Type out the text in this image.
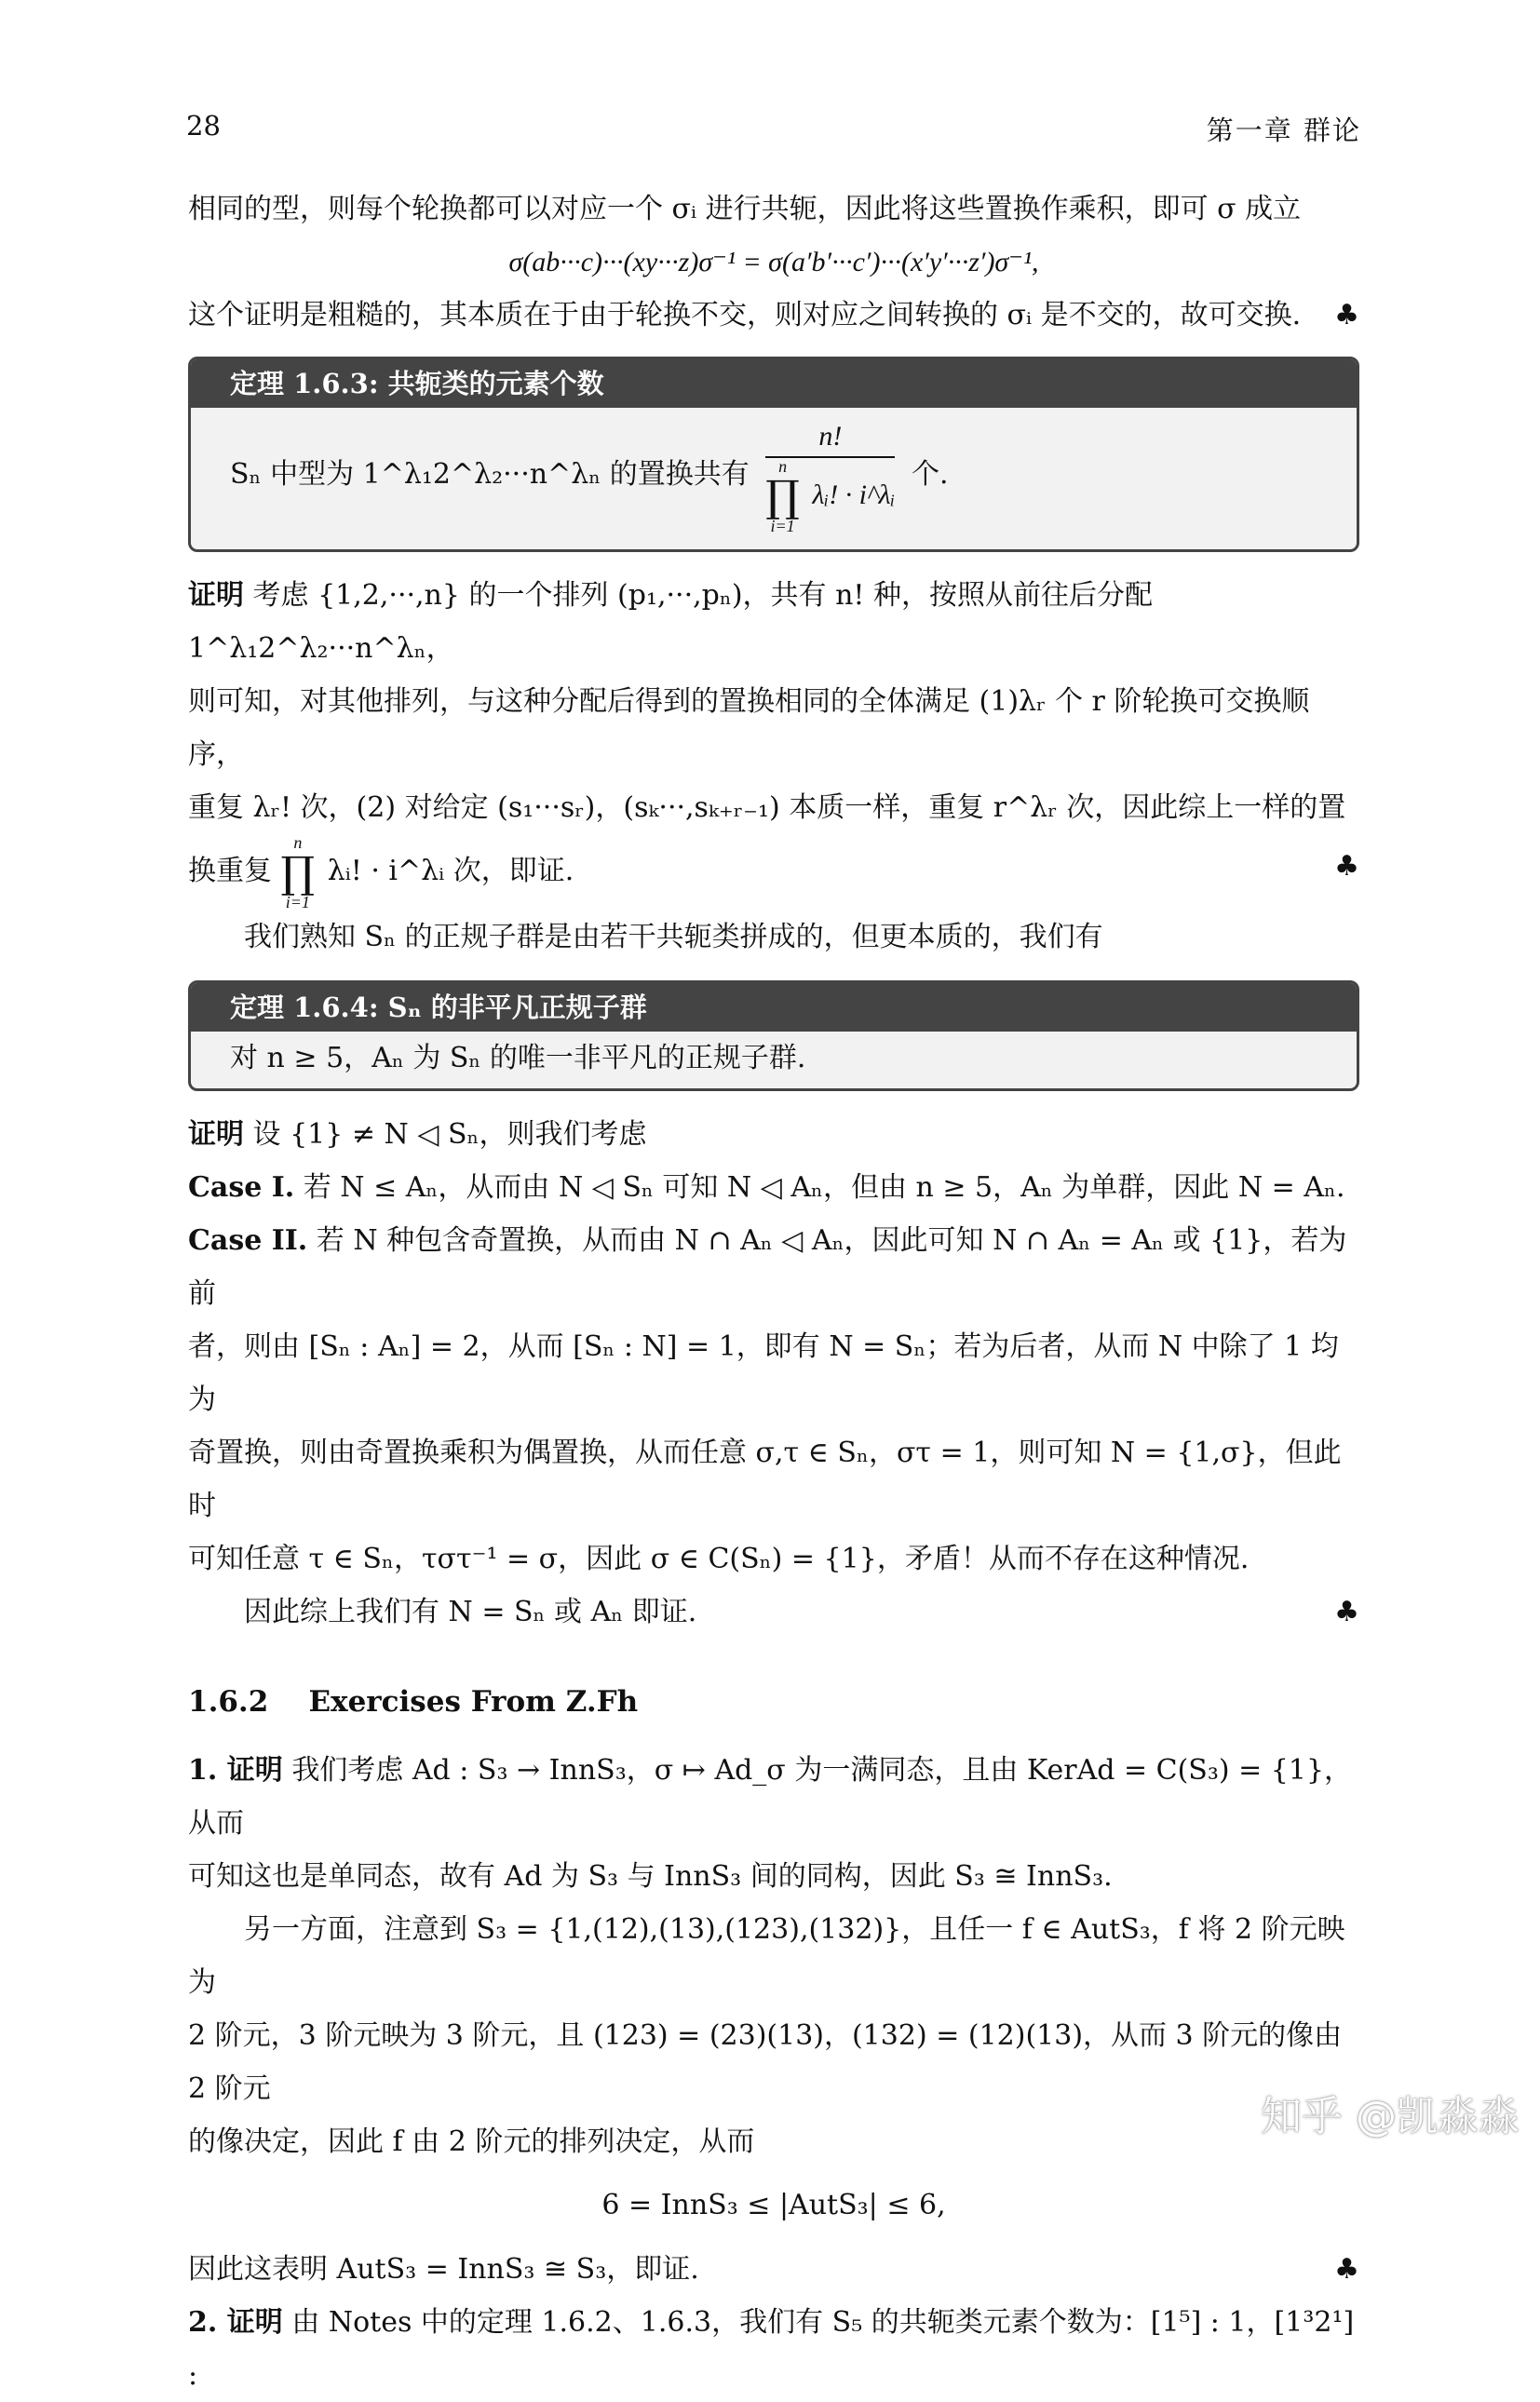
28	第一章 群论

相同的型，则每个轮换都可以对应一个 σᵢ 进行共轭，因此将这些置换作乘积，即可 σ 成立

σ(ab···c)···(xy···z)σ⁻¹ = σ(a′b′···c′)···(x′y′···z′)σ⁻¹,

这个证明是粗糙的，其本质在于由于轮换不交，则对应之间转换的 σᵢ 是不交的，故可交换. ♣

定理 1.6.3: 共轭类的元素个数
Sₙ 中型为 1^λ₁2^λ₂···n^λₙ 的置换共有
n!
n
∏
i=1
λᵢ! · i^λᵢ
个.

证明 考虑 {1,2,···,n} 的一个排列 (p₁,···,pₙ)，共有 n! 种，按照从前往后分配 1^λ₁2^λ₂···n^λₙ，

则可知，对其他排列，与这种分配后得到的置换相同的全体满足 (1)λᵣ 个 r 阶轮换可交换顺序，

重复 λᵣ! 次，(2) 对给定 (s₁···sᵣ)，(sₖ···,sₖ₊ᵣ₋₁) 本质一样，重复 r^λᵣ 次，因此综上一样的置

换重复
n
∏
i=1
λᵢ! · i^λᵢ 次，即证.	♣

我们熟知 Sₙ 的正规子群是由若干共轭类拼成的，但更本质的，我们有

定理 1.6.4: Sₙ 的非平凡正规子群
对 n ≥ 5，Aₙ 为 Sₙ 的唯一非平凡的正规子群.

证明 设 {1} ≠ N ◁ Sₙ，则我们考虑

Case I. 若 N ≤ Aₙ，从而由 N ◁ Sₙ 可知 N ◁ Aₙ，但由 n ≥ 5，Aₙ 为单群，因此 N = Aₙ.

Case II. 若 N 种包含奇置换，从而由 N ∩ Aₙ ◁ Aₙ，因此可知 N ∩ Aₙ = Aₙ 或 {1}，若为前

者，则由 [Sₙ : Aₙ] = 2，从而 [Sₙ : N] = 1，即有 N = Sₙ；若为后者，从而 N 中除了 1 均为

奇置换，则由奇置换乘积为偶置换，从而任意 σ,τ ∈ Sₙ，στ = 1，则可知 N = {1,σ}，但此时

可知任意 τ ∈ Sₙ，τστ⁻¹ = σ，因此 σ ∈ C(Sₙ) = {1}，矛盾！从而不存在这种情况.

因此综上我们有 N = Sₙ 或 Aₙ 即证.	♣

1.6.2 Exercises From Z.Fh

1. 证明 我们考虑 Ad : S₃ → InnS₃，σ ↦ Ad_σ 为一满同态，且由 KerAd = C(S₃) = {1}，从而

可知这也是单同态，故有 Ad 为 S₃ 与 InnS₃ 间的同构，因此 S₃ ≅ InnS₃.

另一方面，注意到 S₃ = {1,(12),(13),(123),(132)}，且任一 f ∈ AutS₃，f 将 2 阶元映为

2 阶元，3 阶元映为 3 阶元，且 (123) = (23)(13)，(132) = (12)(13)，从而 3 阶元的像由 2 阶元

的像决定，因此 f 由 2 阶元的排列决定，从而

6 = InnS₃ ≤ |AutS₃| ≤ 6,

因此这表明 AutS₃ = InnS₃ ≅ S₃，即证.	♣

2. 证明 由 Notes 中的定理 1.6.2、1.6.3，我们有 S₅ 的共轭类元素个数为：[1⁵] : 1，[1³2¹] :

知乎 @凯淼淼
